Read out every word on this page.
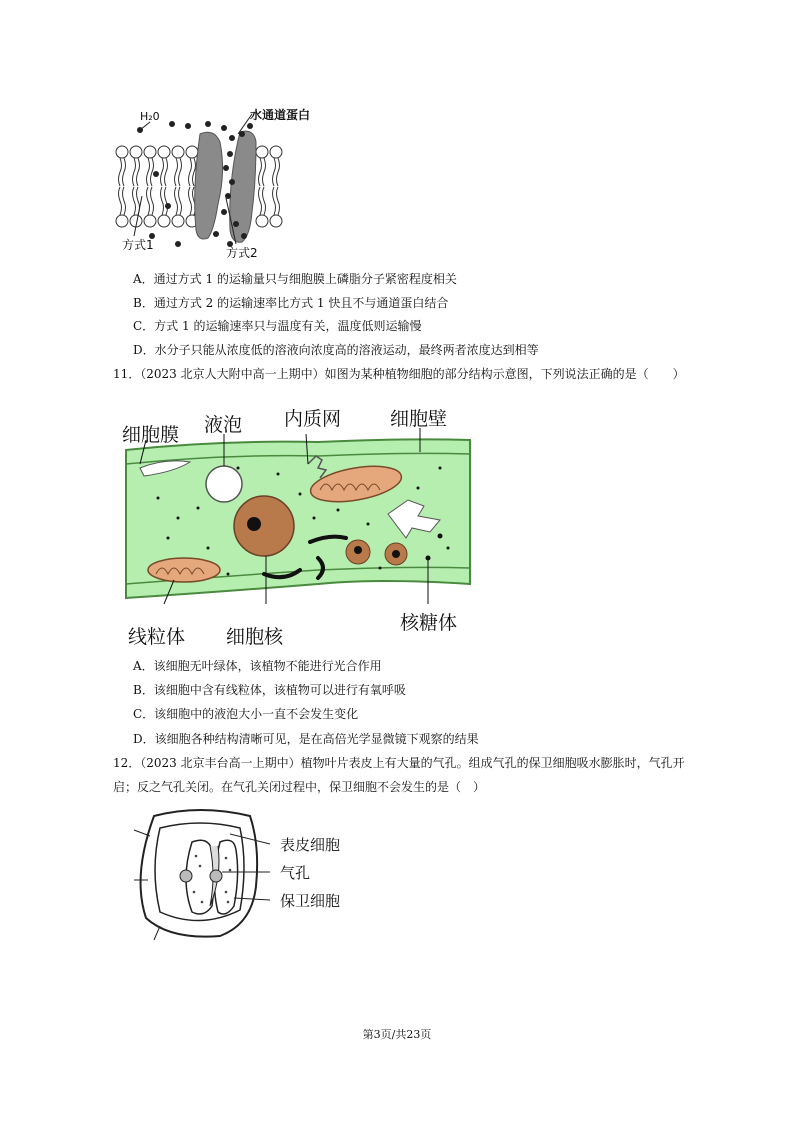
H₂0	水通道蛋白
方式1
方式2
A．通过方式 1 的运输量只与细胞膜上磷脂分子紧密程度相关
B．通过方式 2 的运输速率比方式 1 快且不与通道蛋白结合
C．方式 1 的运输速率只与温度有关，温度低则运输慢
D．水分子只能从浓度低的溶液向浓度高的溶液运动，最终两者浓度达到相等
11．（2023 北京人大附中高一上期中）如图为某种植物细胞的部分结构示意图，下列说法正确的是（　　）
细胞膜 液泡 内质网	细胞壁
线粒体 细胞核
核糖体
A．该细胞无叶绿体，该植物不能进行光合作用
B．该细胞中含有线粒体，该植物可以进行有氧呼吸
C．该细胞中的液泡大小一直不会发生变化
D．该细胞各种结构清晰可见，是在高倍光学显微镜下观察的结果
12．（2023 北京丰台高一上期中）植物叶片表皮上有大量的气孔。组成气孔的保卫细胞吸水膨胀时，气孔开
启；反之气孔关闭。在气孔关闭过程中，保卫细胞不会发生的是（　）
表皮细胞
气孔
保卫细胞
第3页/共23页
